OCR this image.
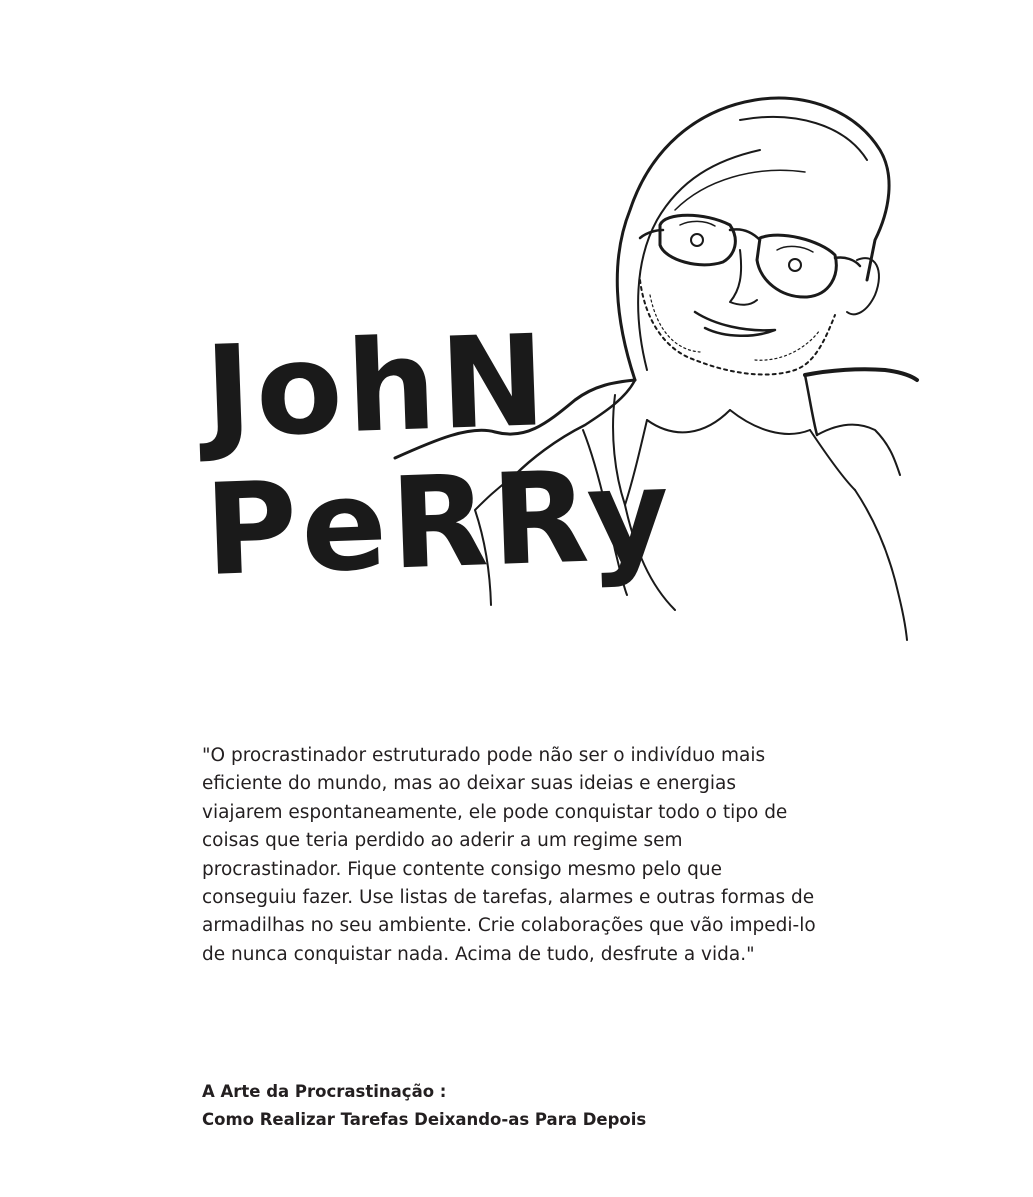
JohN
PeRRy

"O procrastinador estruturado pode não ser o indivíduo mais eficiente do mundo, mas ao deixar suas ideias e energias viajarem espontaneamente, ele pode conquistar todo o tipo de coisas que teria perdido ao aderir a um regime sem procrastinador. Fique contente consigo mesmo pelo que conseguiu fazer. Use listas de tarefas, alarmes e outras formas de armadilhas no seu ambiente. Crie colaborações que vão impedi-lo de nunca conquistar nada. Acima de tudo, desfrute a vida."

A Arte da Procrastinação :
Como Realizar Tarefas Deixando-as Para Depois
